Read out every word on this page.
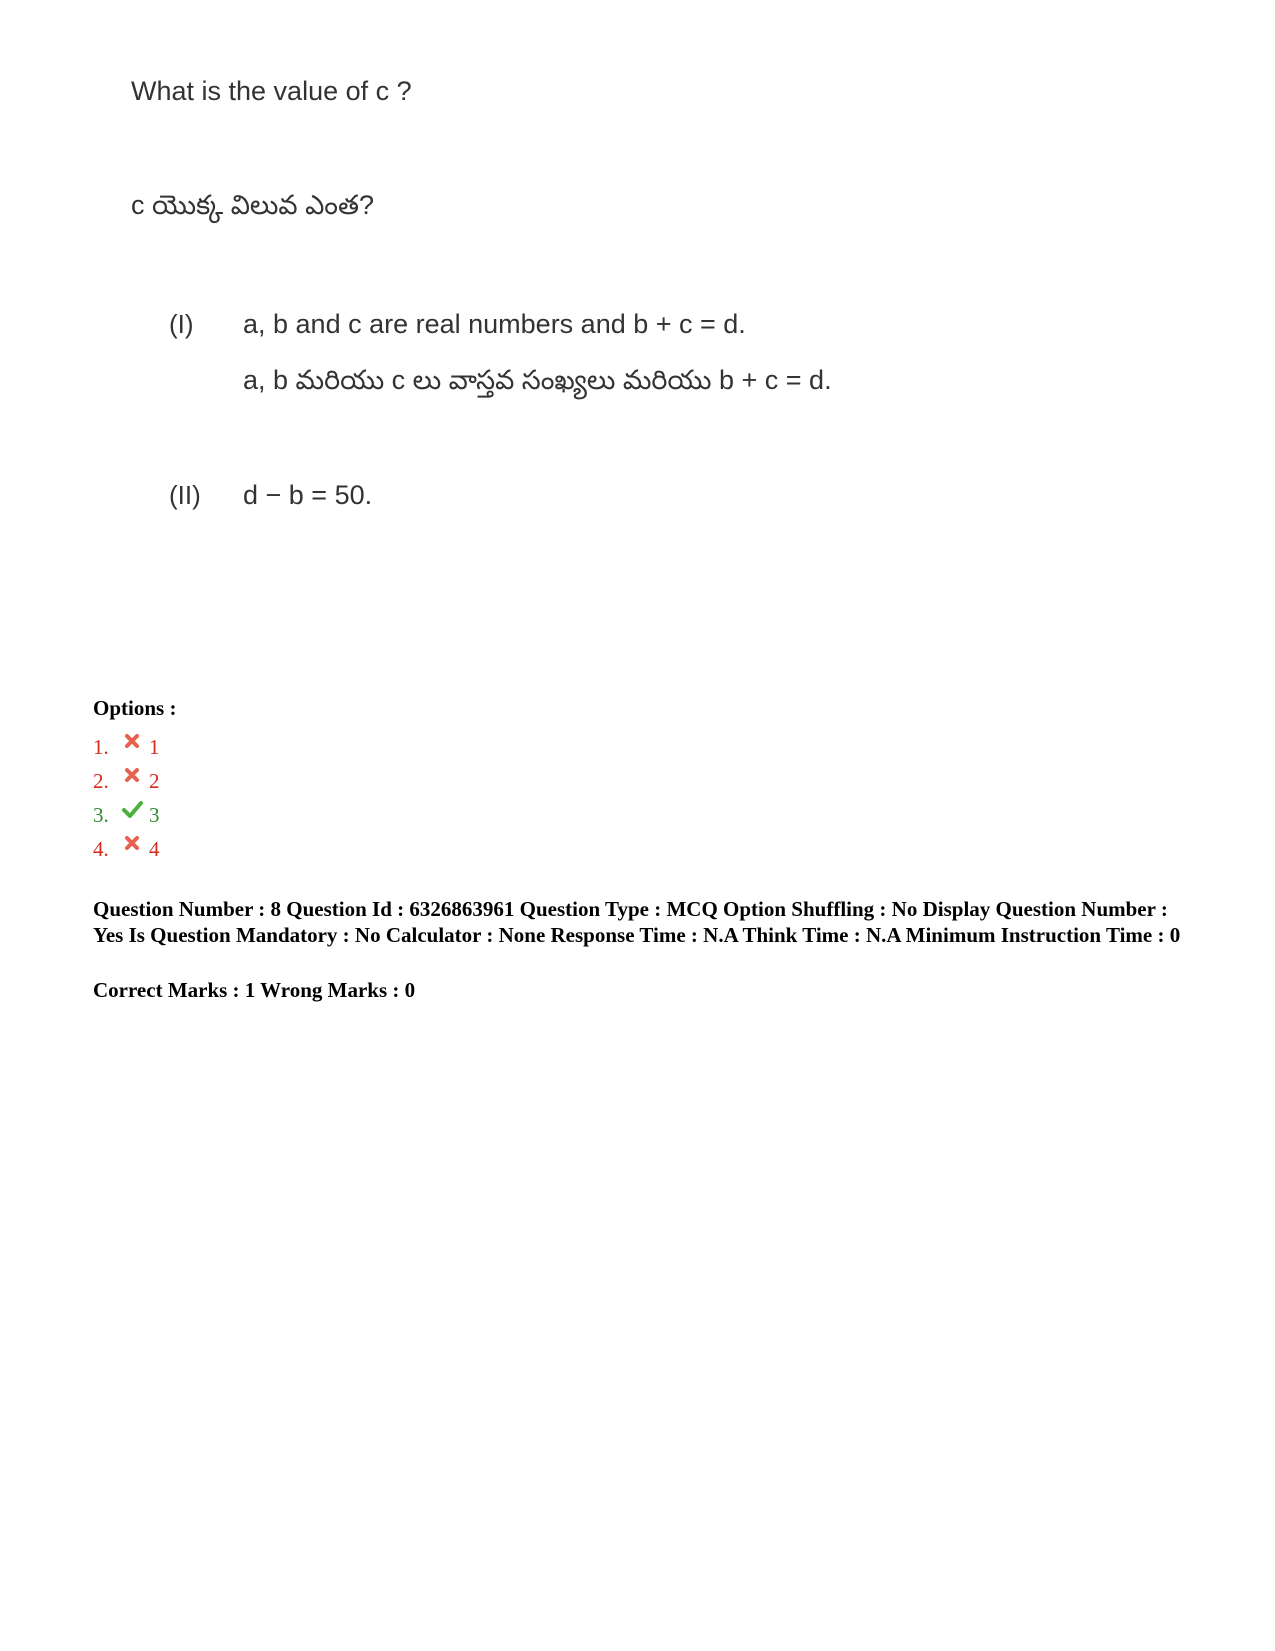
What is the value of c ?
c యొక్క విలువ ఎంత?
(I) a, b and c are real numbers and b + c = d.
a, b మరియు c లు వాస్తవ సంఖ్యలు మరియు b + c = d.
(II) d − b = 50.
Options :
1.	1
2.	2
3.	3
4.	4
Question Number : 8 Question Id : 6326863961 Question Type : MCQ Option Shuffling : No Display Question Number : Yes Is Question Mandatory : No Calculator : None Response Time : N.A Think Time : N.A Minimum Instruction Time : 0
Correct Marks : 1 Wrong Marks : 0
